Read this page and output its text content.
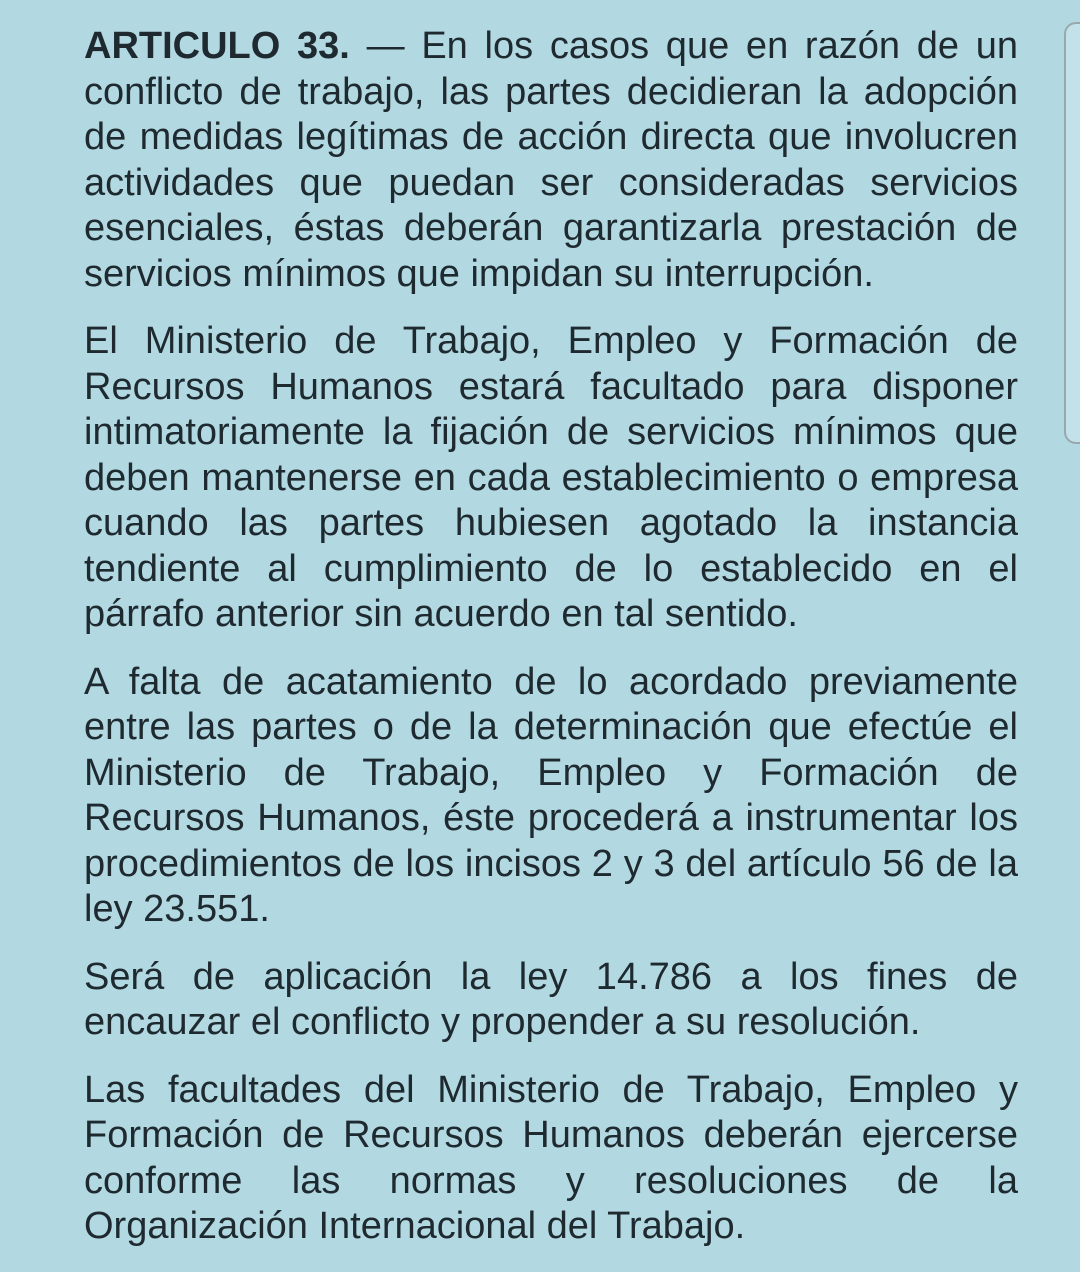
ARTICULO 33. — En los casos que en razón de un conflicto de trabajo, las partes decidieran la adopción de medidas legítimas de acción directa que involucren actividades que puedan ser consideradas servicios esenciales, éstas deberán garantizarla prestación de servicios mínimos que impidan su interrupción.

El Ministerio de Trabajo, Empleo y Formación de Recursos Humanos estará facultado para disponer intimatoriamente la fijación de servicios mínimos que deben mantenerse en cada establecimiento o empresa cuando las partes hubiesen agotado la instancia tendiente al cumplimiento de lo establecido en el párrafo anterior sin acuerdo en tal sentido.

A falta de acatamiento de lo acordado previamente entre las partes o de la determinación que efectúe el Ministerio de Trabajo, Empleo y Formación de Recursos Humanos, éste procederá a instrumentar los procedimientos de los incisos 2 y 3 del artículo 56 de la ley 23.551.

Será de aplicación la ley 14.786 a los fines de encauzar el conflicto y propender a su resolución.

Las facultades del Ministerio de Trabajo, Empleo y Formación de Recursos Humanos deberán ejercerse conforme las normas y resoluciones de la Organización Internacional del Trabajo.
